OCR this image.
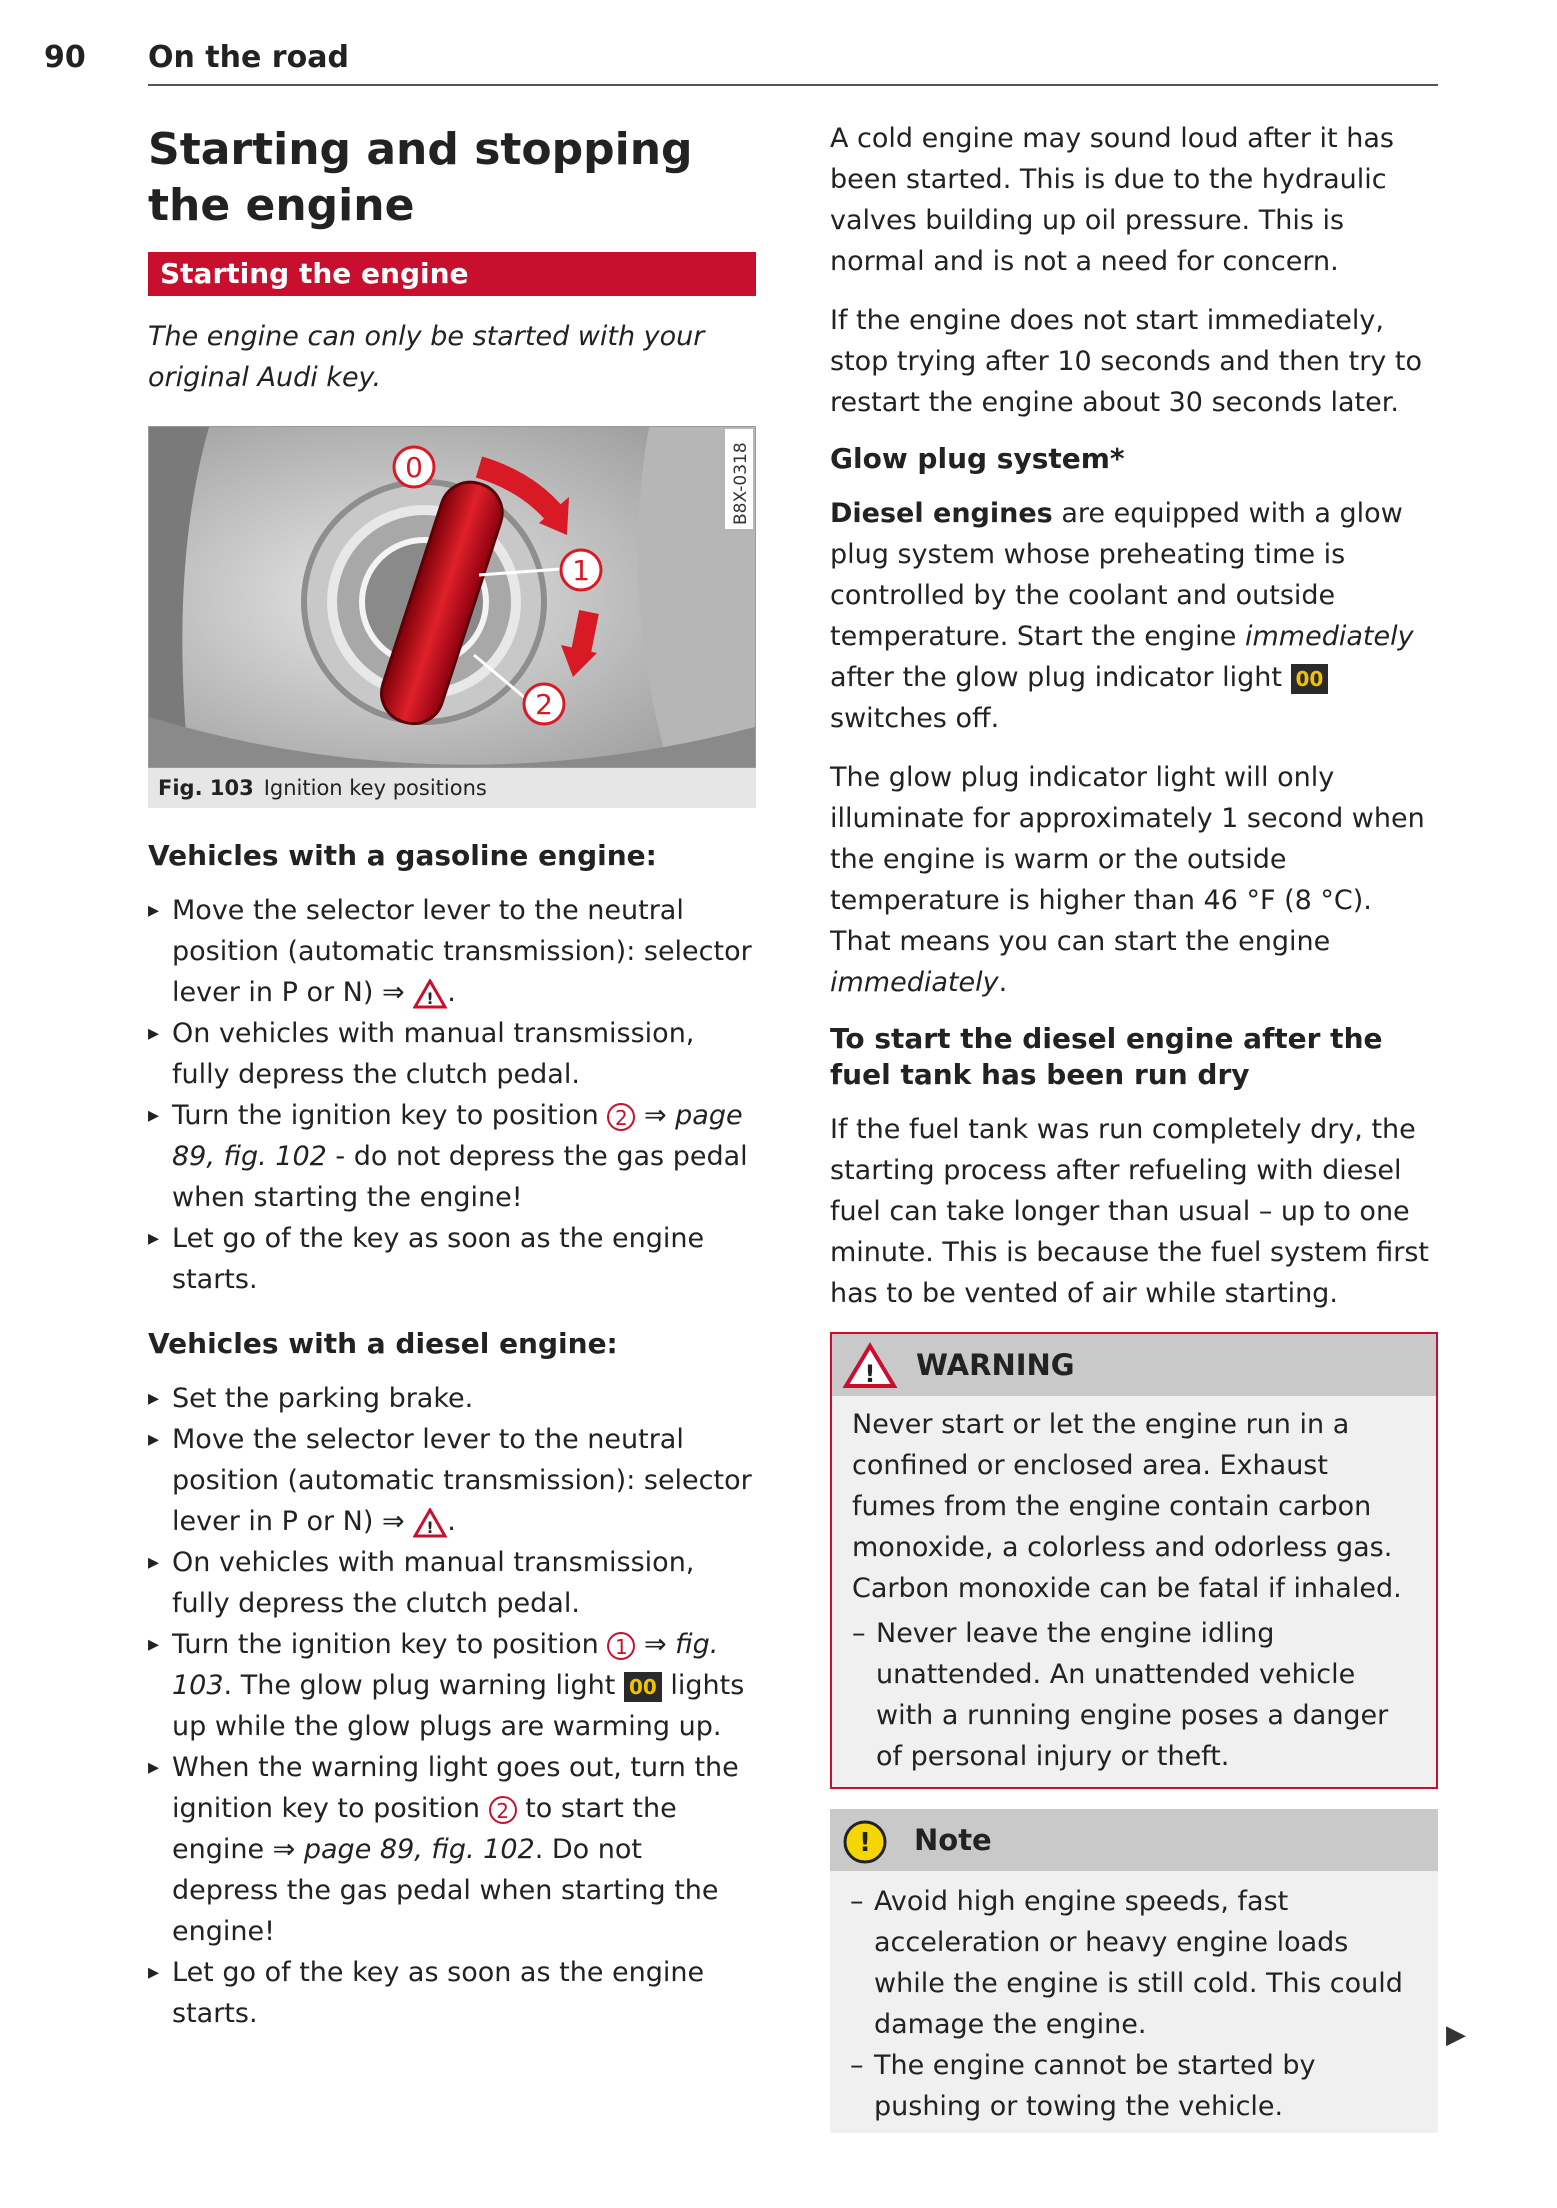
90 On the road
Starting and stopping the engine
Starting the engine

The engine can only be started with your original Audi key.

0
1
2
B8X-0318
Fig. 103 Ignition key positions
Vehicles with a gasoline engine:
▸ Move the selector lever to the neutral position (automatic transmission): selector lever in P or N) ⇒ ! .
▸ On vehicles with manual transmission, fully depress the clutch pedal.
▸ Turn the ignition key to position 2 ⇒ page 89, fig. 102 - do not depress the gas pedal when starting the engine!
▸ Let go of the key as soon as the engine starts.
Vehicles with a diesel engine:
▸ Set the parking brake.
▸ Move the selector lever to the neutral position (automatic transmission): selector lever in P or N) ⇒ ! .
▸ On vehicles with manual transmission, fully depress the clutch pedal.
▸ Turn the ignition key to position 1 ⇒ fig. 103. The glow plug warning light 00 lights up while the glow plugs are warming up.
▸ When the warning light goes out, turn the ignition key to position 2 to start the engine ⇒ page 89, fig. 102. Do not depress the gas pedal when starting the engine!
▸ Let go of the key as soon as the engine starts.

A cold engine may sound loud after it has been started. This is due to the hydraulic valves building up oil pressure. This is normal and is not a need for concern.

If the engine does not start immediately, stop trying after 10 seconds and then try to restart the engine about 30 seconds later.

Glow plug system*

Diesel engines are equipped with a glow plug system whose preheating time is controlled by the coolant and outside temperature. Start the engine immediately after the glow plug indicator light 00 switches off.

The glow plug indicator light will only illuminate for approximately 1 second when the engine is warm or the outside temperature is higher than 46 °F (8 °C). That means you can start the engine immediately.

To start the diesel engine after the fuel tank has been run dry

If the fuel tank was run completely dry, the starting process after refueling with diesel fuel can take longer than usual – up to one minute. This is because the fuel system first has to be vented of air while starting.

! WARNING

Never start or let the engine run in a confined or enclosed area. Exhaust fumes from the engine contain carbon monoxide, a colorless and odorless gas. Carbon monoxide can be fatal if inhaled.

– Never leave the engine idling unattended. An unattended vehicle with a running engine poses a danger of personal injury or theft.
! Note
– Avoid high engine speeds, fast acceleration or heavy engine loads while the engine is still cold. This could damage the engine.
– The engine cannot be started by pushing or towing the vehicle.
▶
